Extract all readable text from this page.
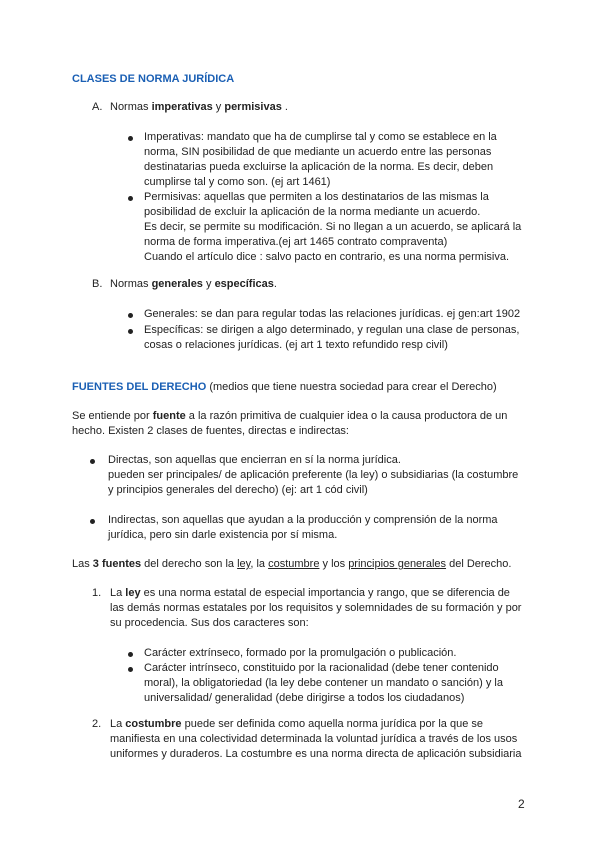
CLASES DE NORMA JURÍDICA
A. Normas imperativas y permisivas .
Imperativas: mandato que ha de cumplirse tal y como se establece en la
norma, SIN posibilidad de que mediante un acuerdo entre las personas
destinatarias pueda excluirse la aplicación de la norma. Es decir, deben
cumplirse tal y como son. (ej art 1461)
Permisivas: aquellas que permiten a los destinatarios de las mismas la
posibilidad de excluir la aplicación de la norma mediante un acuerdo.
Es decir, se permite su modificación. Si no llegan a un acuerdo, se aplicará la
norma de forma imperativa.(ej art 1465 contrato compraventa)
Cuando el artículo dice : salvo pacto en contrario, es una norma permisiva.
B. Normas generales y específicas.
Generales: se dan para regular todas las relaciones jurídicas. ej gen:art 1902
Específicas: se dirigen a algo determinado, y regulan una clase de personas,
cosas o relaciones jurídicas. (ej art 1 texto refundido resp civil)
FUENTES DEL DERECHO (medios que tiene nuestra sociedad para crear el Derecho)
Se entiende por fuente a la razón primitiva de cualquier idea o la causa productora de un
hecho. Existen 2 clases de fuentes, directas e indirectas:
Directas, son aquellas que encierran en sí la norma jurídica.
pueden ser principales/ de aplicación preferente (la ley) o subsidiarias (la costumbre
y principios generales del derecho) (ej: art 1 cód civil)
Indirectas, son aquellas que ayudan a la producción y comprensión de la norma
jurídica, pero sin darle existencia por sí misma.
Las 3 fuentes del derecho son la ley, la costumbre y los principios generales del Derecho.
1. La ley es una norma estatal de especial importancia y rango, que se diferencia de
las demás normas estatales por los requisitos y solemnidades de su formación y por
su procedencia. Sus dos caracteres son:
Carácter extrínseco, formado por la promulgación o publicación.
Carácter intrínseco, constituido por la racionalidad (debe tener contenido
moral), la obligatoriedad (la ley debe contener un mandato o sanción) y la
universalidad/ generalidad (debe dirigirse a todos los ciudadanos)
2. La costumbre puede ser definida como aquella norma jurídica por la que se
manifiesta en una colectividad determinada la voluntad jurídica a través de los usos
uniformes y duraderos. La costumbre es una norma directa de aplicación subsidiaria
2
